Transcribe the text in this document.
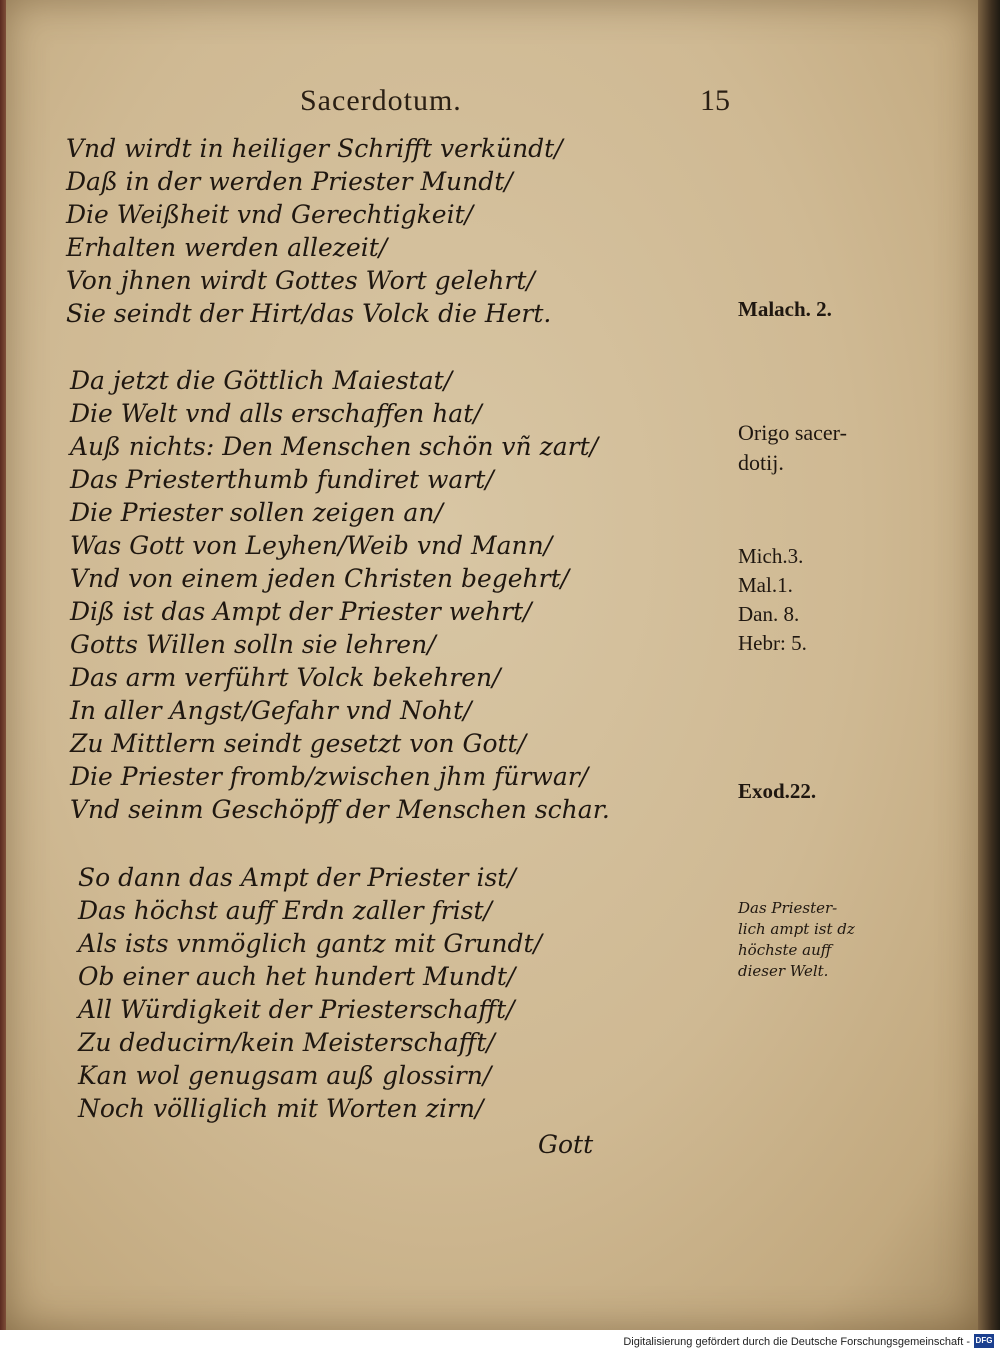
Sacerdotum.	15
Vnd wirdt in heiliger Schrifft verkündt/
Daß in der werden Priester Mundt/
Die Weißheit vnd Gerechtigkeit/
Erhalten werden allezeit/
Von jhnen wirdt Gottes Wort gelehrt/
Sie seindt der Hirt/das Volck die Hert.
Da jetzt die Göttlich Maiestat/
Die Welt vnd alls erschaffen hat/
Auß nichts: Den Menschen schön vñ zart/
Das Priesterthumb fundiret wart/
Die Priester sollen zeigen an/
Was Gott von Leyhen/Weib vnd Mann/
Vnd von einem jeden Christen begehrt/
Diß ist das Ampt der Priester wehrt/
Gotts Willen solln sie lehren/
Das arm verführt Volck bekehren/
In aller Angst/Gefahr vnd Noht/
Zu Mittlern seindt gesetzt von Gott/
Die Priester fromb/zwischen jhm fürwar/
Vnd seinm Geschöpff der Menschen schar.
So dann das Ampt der Priester ist/
Das höchst auff Erdn zaller frist/
Als ists vnmöglich gantz mit Grundt/
Ob einer auch het hundert Mundt/
All Würdigkeit der Priesterschafft/
Zu deducirn/kein Meisterschafft/
Kan wol genugsam auß glossirn/
Noch völliglich mit Worten zirn/
Gott
Malach. 2.
Origo sacer-
dotij.
Mich.3.
Mal.1.
Dan. 8.
Hebr: 5.
Exod.22.
Das Priester-
lich ampt ist dz
höchste auff
dieser Welt.
Digitalisierung gefördert durch die Deutsche Forschungsgemeinschaft - DFG
